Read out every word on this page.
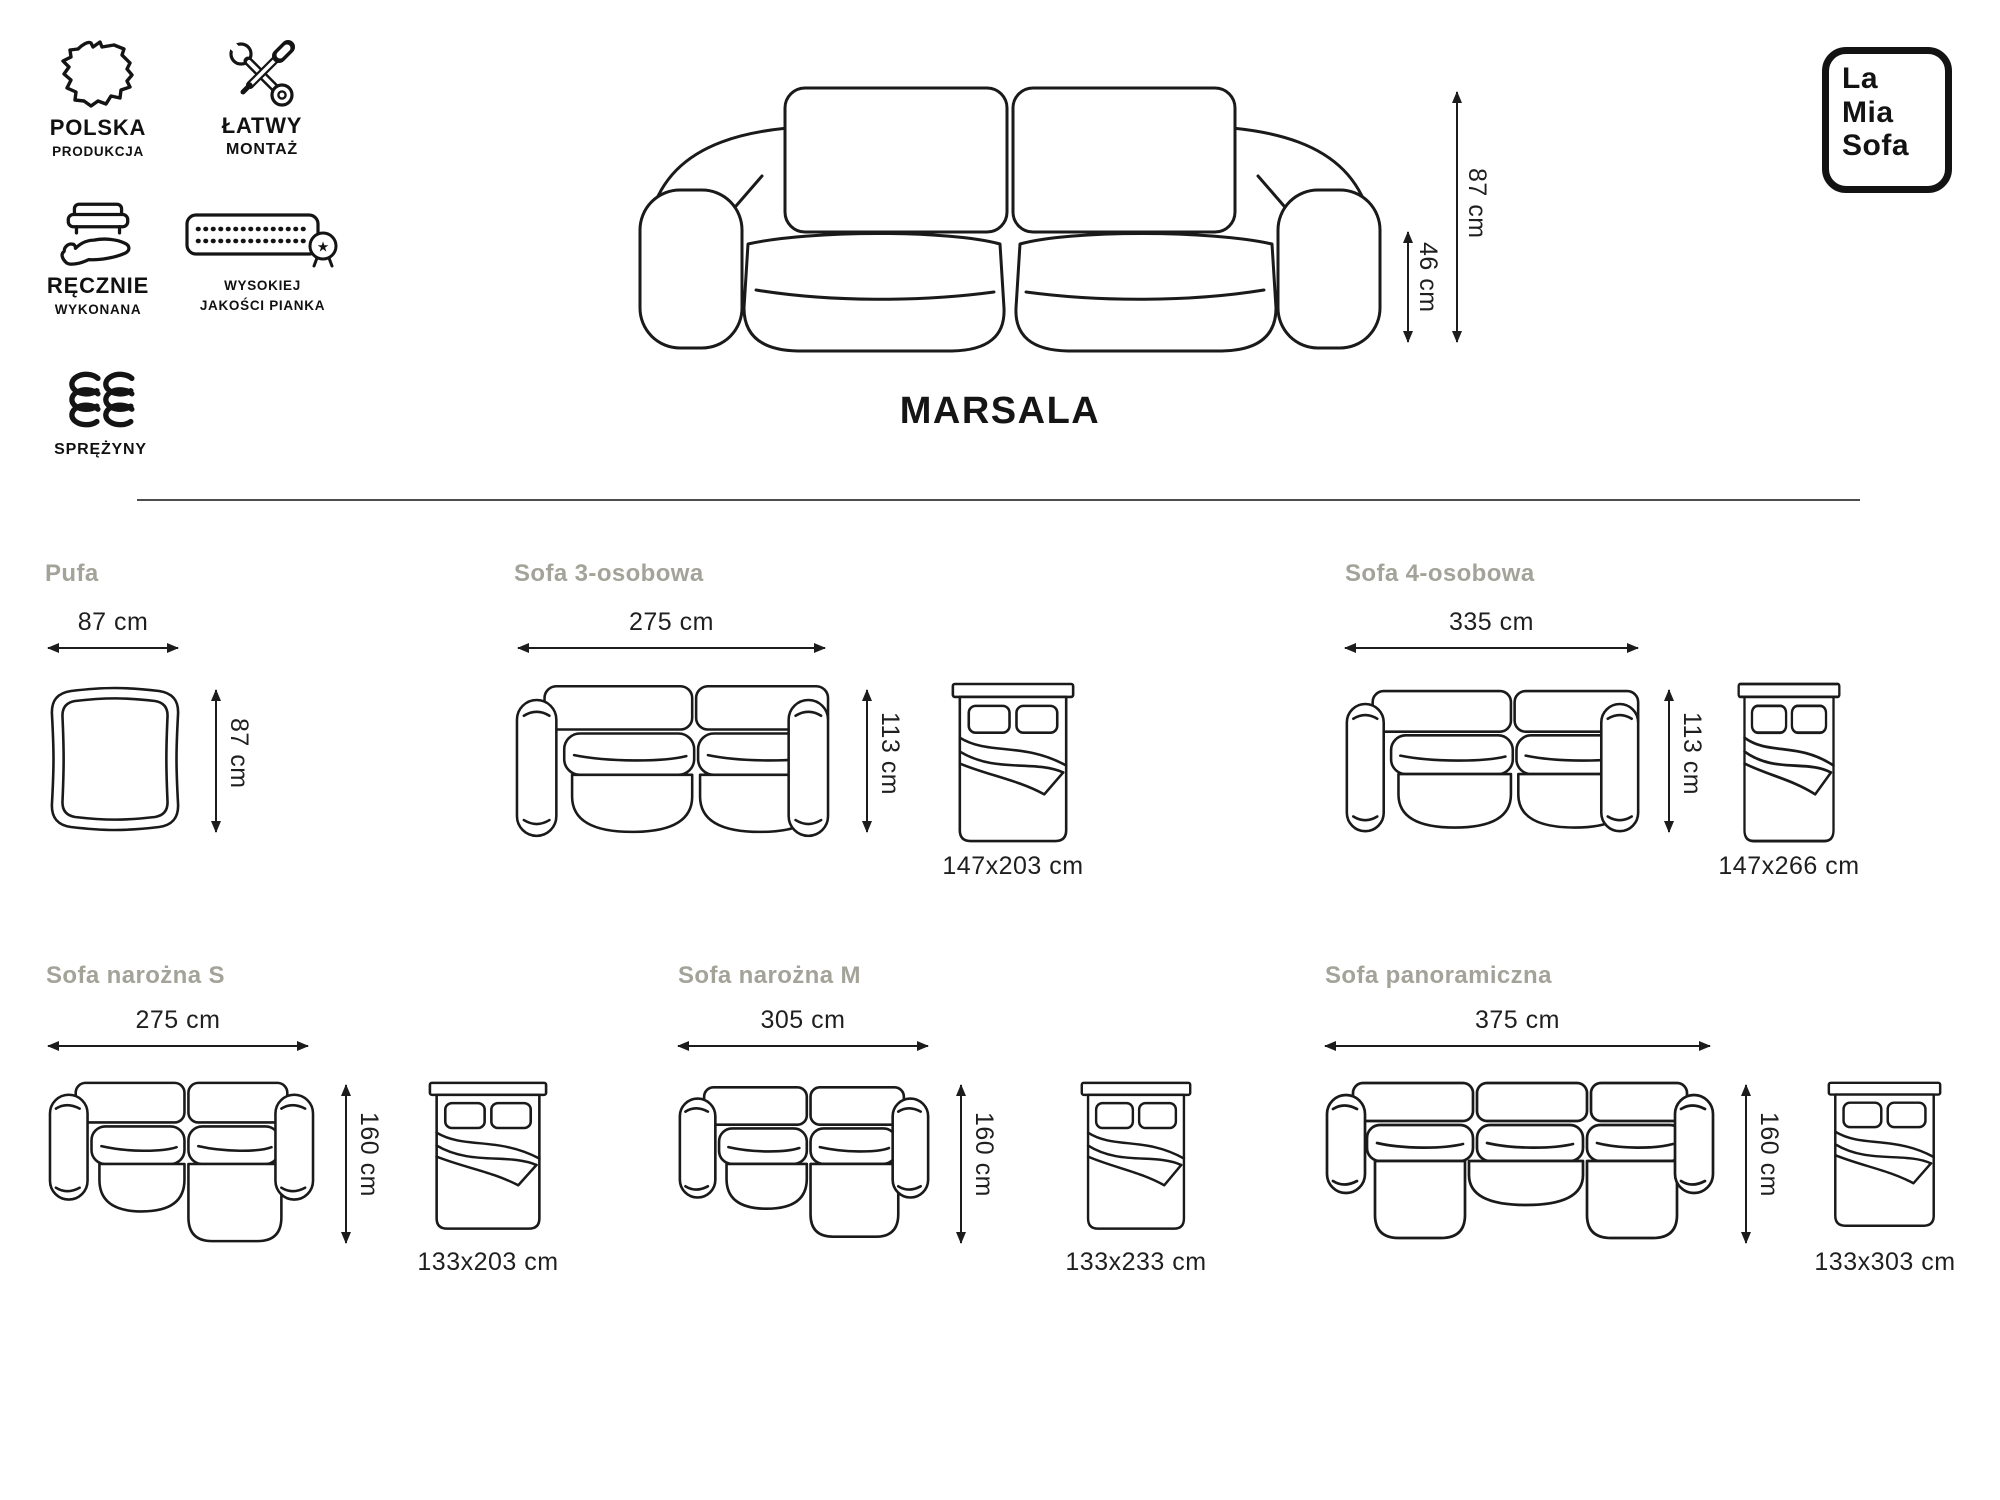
POLSKA
PRODUKCJA
ŁATWY
MONTAŻ
RĘCZNIE
WYKONANA
★
WYSOKIEJ
JAKOŚCI PIANKA
SPRĘŻYNY
87 cm
46 cm
MARSALA
La
Mia
Sofa
Pufa
87 cm
87 cm
Sofa 3-osobowa
275 cm
113 cm
147x203 cm
Sofa 4-osobowa
335 cm
113 cm
147x266 cm
Sofa narożna S
275 cm
160 cm
133x203 cm
Sofa narożna M
305 cm
160 cm
133x233 cm
Sofa panoramiczna
375 cm
160 cm
133x303 cm
